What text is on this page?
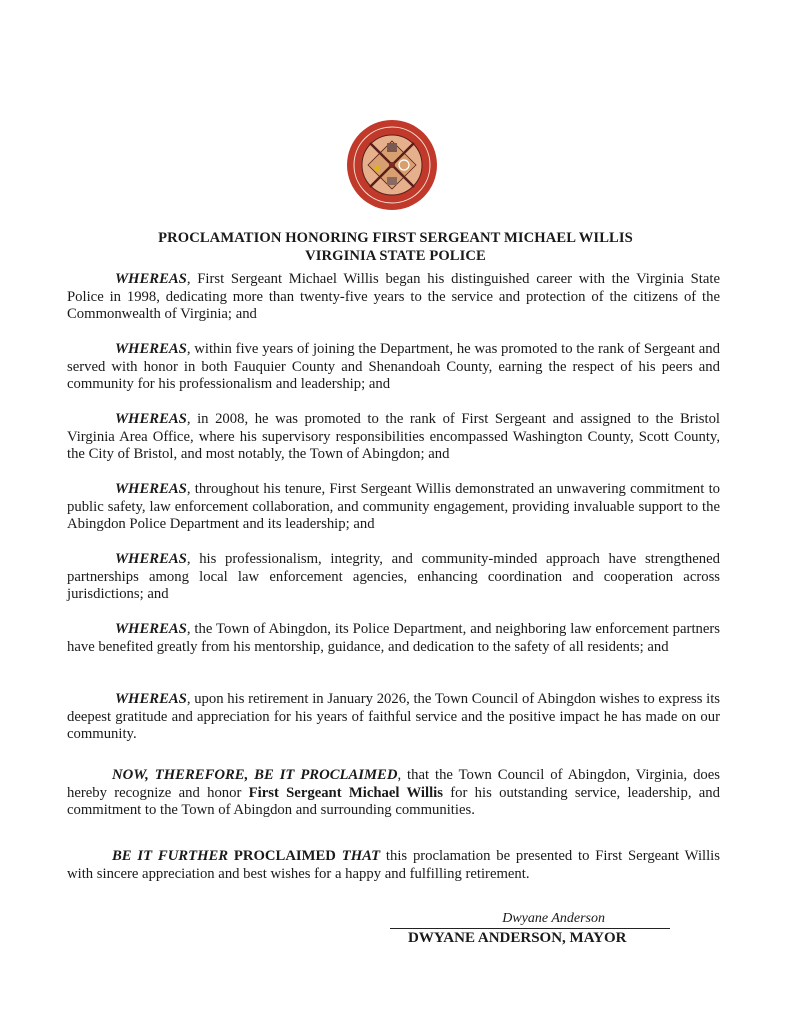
PROCLAMATION HONORING FIRST SERGEANT MICHAEL WILLIS
VIRGINIA STATE POLICE

WHEREAS, First Sergeant Michael Willis began his distinguished career with the Virginia State Police in 1998, dedicating more than twenty-five years to the service and protection of the citizens of the Commonwealth of Virginia; and

WHEREAS, within five years of joining the Department, he was promoted to the rank of Sergeant and served with honor in both Fauquier County and Shenandoah County, earning the respect of his peers and community for his professionalism and leadership; and

WHEREAS, in 2008, he was promoted to the rank of First Sergeant and assigned to the Bristol Virginia Area Office, where his supervisory responsibilities encompassed Washington County, Scott County, the City of Bristol, and most notably, the Town of Abingdon; and

WHEREAS, throughout his tenure, First Sergeant Willis demonstrated an unwavering commitment to public safety, law enforcement collaboration, and community engagement, providing invaluable support to the Abingdon Police Department and its leadership; and

WHEREAS, his professionalism, integrity, and community-minded approach have strengthened partnerships among local law enforcement agencies, enhancing coordination and cooperation across jurisdictions; and

WHEREAS, the Town of Abingdon, its Police Department, and neighboring law enforcement partners have benefited greatly from his mentorship, guidance, and dedication to the safety of all residents; and

WHEREAS, upon his retirement in January 2026, the Town Council of Abingdon wishes to express its deepest gratitude and appreciation for his years of faithful service and the positive impact he has made on our community.

NOW, THEREFORE, BE IT PROCLAIMED, that the Town Council of Abingdon, Virginia, does hereby recognize and honor First Sergeant Michael Willis for his outstanding service, leadership, and commitment to the Town of Abingdon and surrounding communities.

BE IT FURTHER PROCLAIMED THAT this proclamation be presented to First Sergeant Willis with sincere appreciation and best wishes for a happy and fulfilling retirement.

Dwyane Anderson
DWYANE ANDERSON, MAYOR
